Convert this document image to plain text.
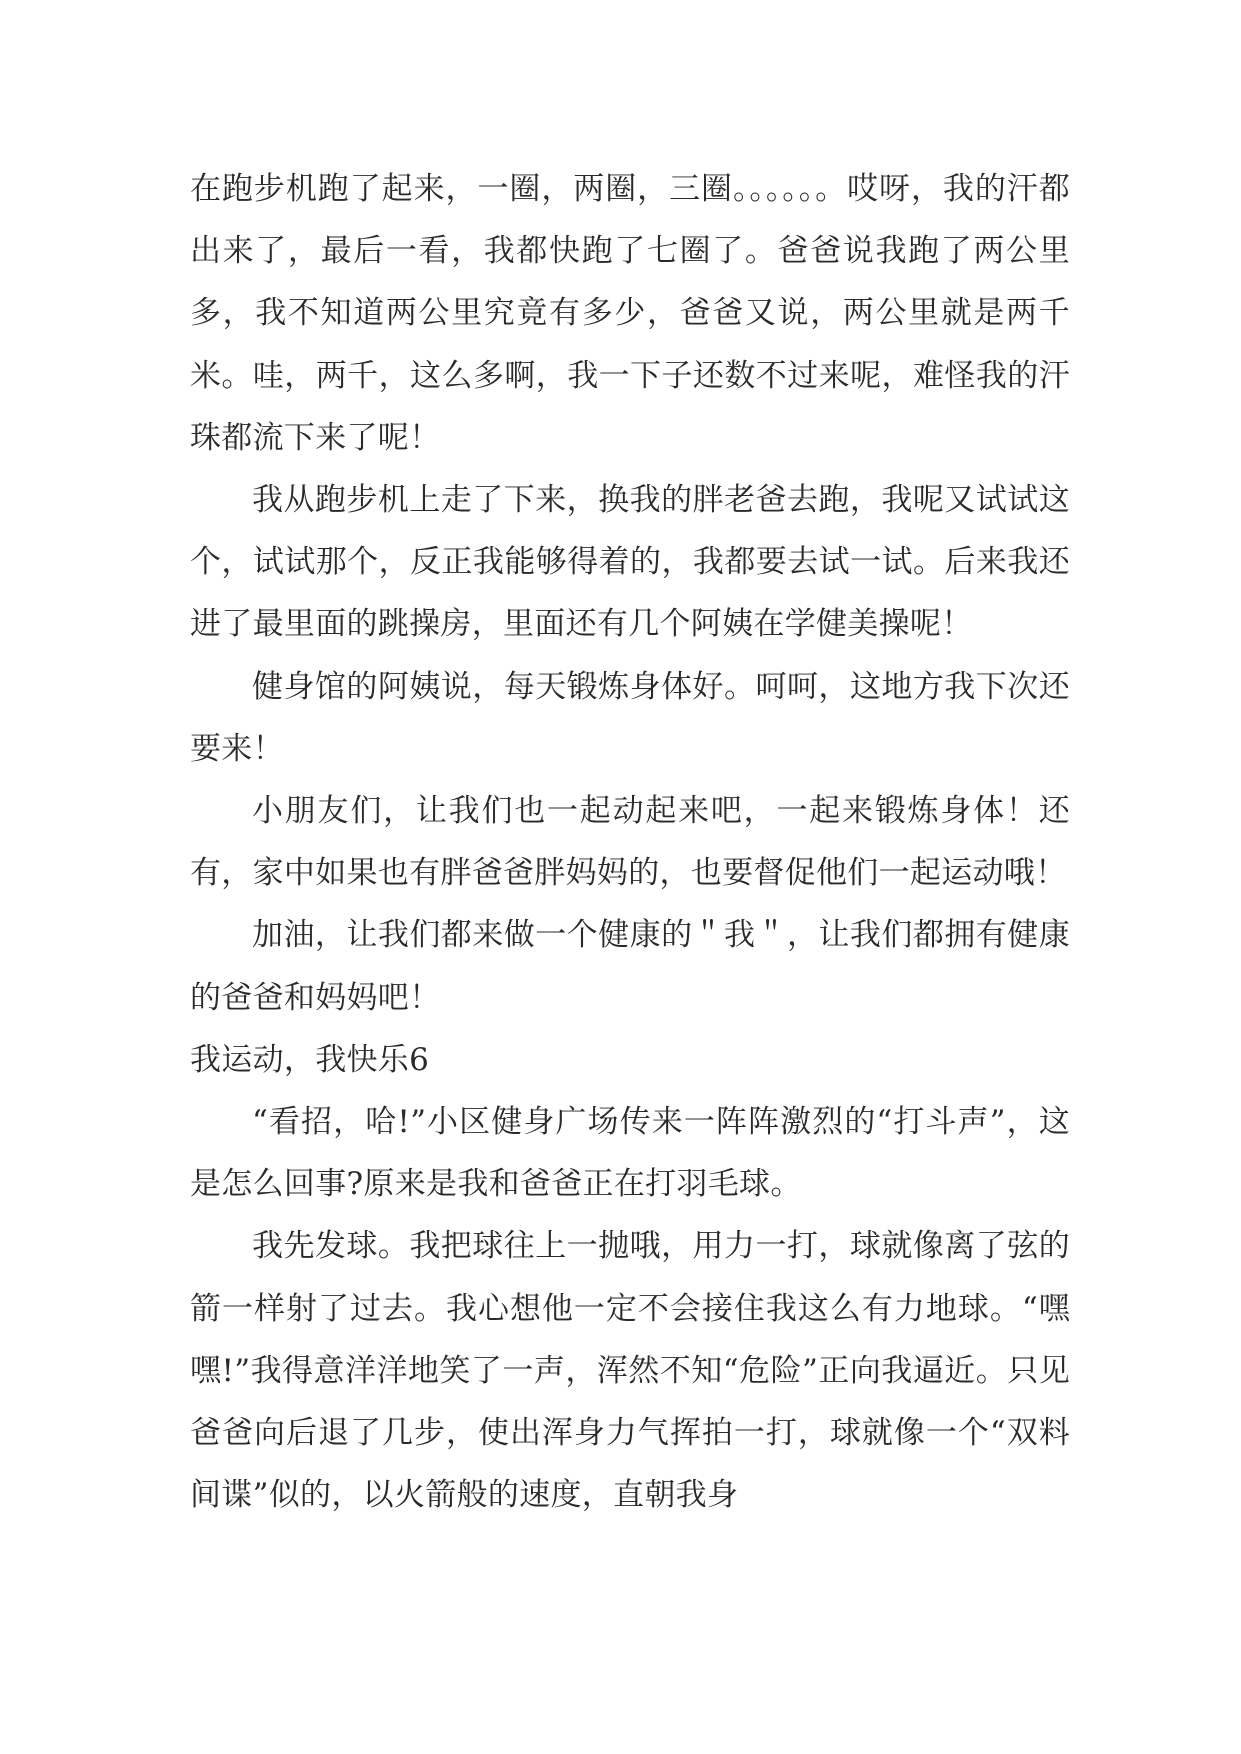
在跑步机跑了起来，一圈，两圈，三圈。。。。。。哎呀，我的汗都出来了，最后一看，我都快跑了七圈了。爸爸说我跑了两公里多，我不知道两公里究竟有多少，爸爸又说，两公里就是两千米。哇，两千，这么多啊，我一下子还数不过来呢，难怪我的汗珠都流下来了呢！

我从跑步机上走了下来，换我的胖老爸去跑，我呢又试试这个，试试那个，反正我能够得着的，我都要去试一试。后来我还进了最里面的跳操房，里面还有几个阿姨在学健美操呢！

健身馆的阿姨说，每天锻炼身体好。呵呵，这地方我下次还要来！

小朋友们，让我们也一起动起来吧，一起来锻炼身体！还有，家中如果也有胖爸爸胖妈妈的，也要督促他们一起运动哦！

加油，让我们都来做一个健康的＂我＂，让我们都拥有健康的爸爸和妈妈吧！

我运动，我快乐6

“看招，哈!”小区健身广场传来一阵阵激烈的“打斗声”，这是怎么回事?原来是我和爸爸正在打羽毛球。

我先发球。我把球往上一抛哦，用力一打，球就像离了弦的箭一样射了过去。我心想他一定不会接住我这么有力地球。“嘿嘿!”我得意洋洋地笑了一声，浑然不知“危险”正向我逼近。只见爸爸向后退了几步，使出浑身力气挥拍一打，球就像一个“双料间谍”似的，以火箭般的速度，直朝我身
